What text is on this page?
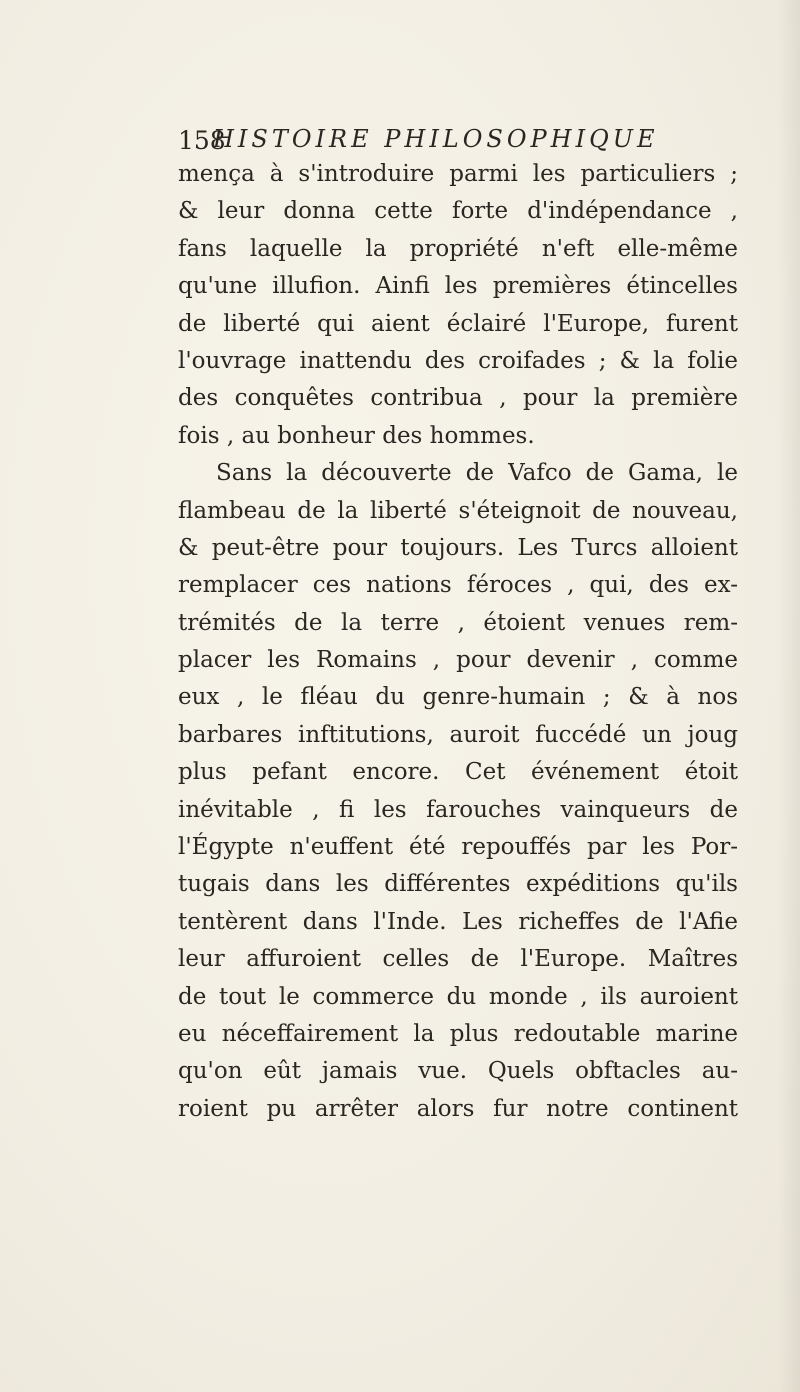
158
HISTOIRE PHILOSOPHIQUE
mença à s'introduire parmi les particuliers ;
& leur donna cette forte d'indépendance ,
fans laquelle la propriété n'eft elle-même
qu'une illufion. Ainfi les premières étincelles
de liberté qui aient éclairé l'Europe, furent
l'ouvrage inattendu des croifades ; & la folie
des conquêtes contribua , pour la première
fois , au bonheur des hommes.
Sans la découverte de Vafco de Gama, le
flambeau de la liberté s'éteignoit de nouveau,
& peut-être pour toujours. Les Turcs alloient
remplacer ces nations féroces , qui, des ex-
trémités de la terre , étoient venues rem-
placer les Romains , pour devenir , comme
eux , le fléau du genre-humain ; & à nos
barbares inftitutions, auroit fuccédé un joug
plus pefant encore. Cet événement étoit
inévitable , fi les farouches vainqueurs de
l'Égypte n'euffent été repouffés par les Por-
tugais dans les différentes expéditions qu'ils
tentèrent dans l'Inde. Les richeffes de l'Afie
leur affuroient celles de l'Europe. Maîtres
de tout le commerce du monde , ils auroient
eu néceffairement la plus redoutable marine
qu'on eût jamais vue. Quels obftacles au-
roient pu arrêter alors fur notre continent
